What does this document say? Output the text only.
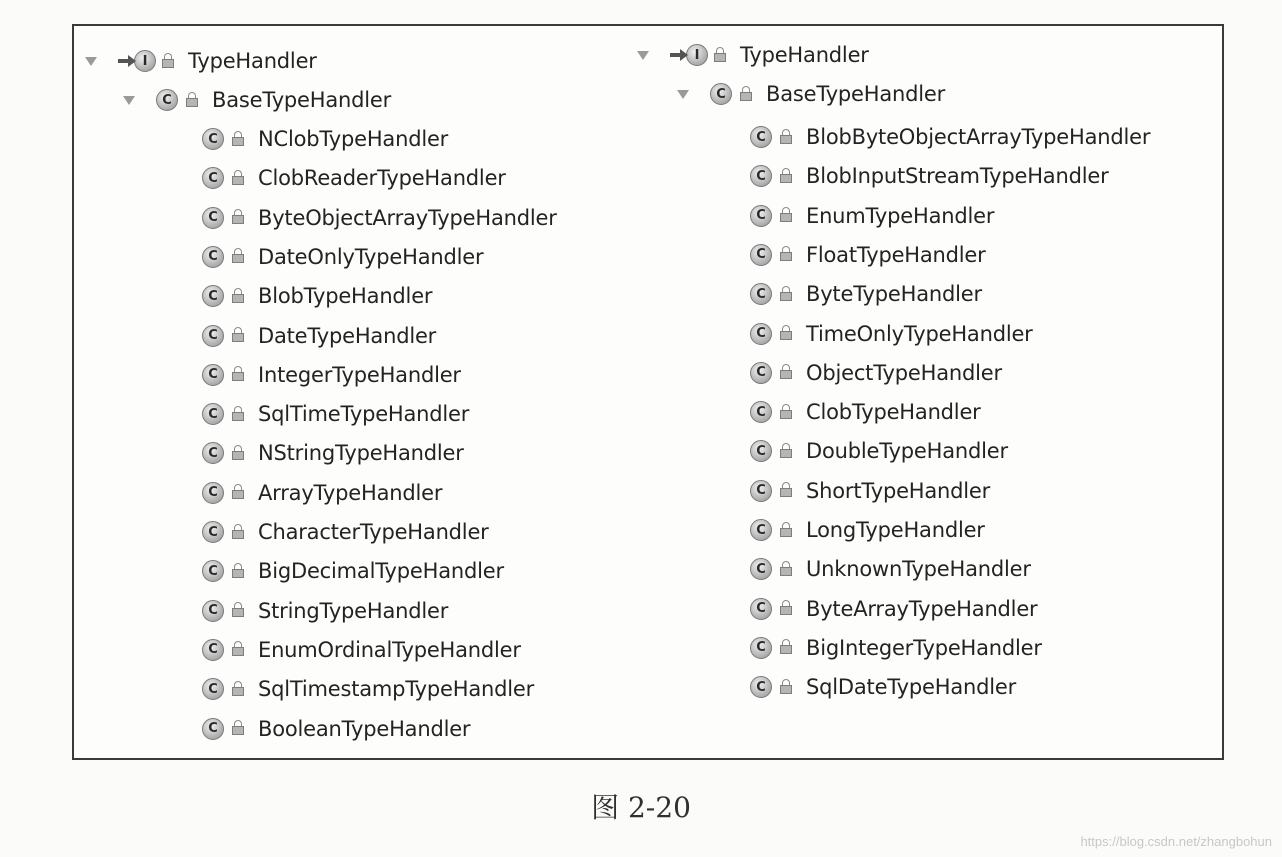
I	TypeHandler
C BaseTypeHandler
C NClobTypeHandler
C ClobReaderTypeHandler
C ByteObjectArrayTypeHandler
C DateOnlyTypeHandler
C BlobTypeHandler
C DateTypeHandler
C IntegerTypeHandler
C SqlTimeTypeHandler
C NStringTypeHandler
C ArrayTypeHandler
C CharacterTypeHandler
C BigDecimalTypeHandler
C StringTypeHandler
C EnumOrdinalTypeHandler
C SqlTimestampTypeHandler
C BooleanTypeHandler
I	TypeHandler
C BaseTypeHandler
C BlobByteObjectArrayTypeHandler
C BlobInputStreamTypeHandler
C EnumTypeHandler
C FloatTypeHandler
C ByteTypeHandler
C TimeOnlyTypeHandler
C ObjectTypeHandler
C ClobTypeHandler
C DoubleTypeHandler
C ShortTypeHandler
C LongTypeHandler
C UnknownTypeHandler
C ByteArrayTypeHandler
C BigIntegerTypeHandler
C SqlDateTypeHandler
图 2-20
https://blog.csdn.net/zhangbohun
